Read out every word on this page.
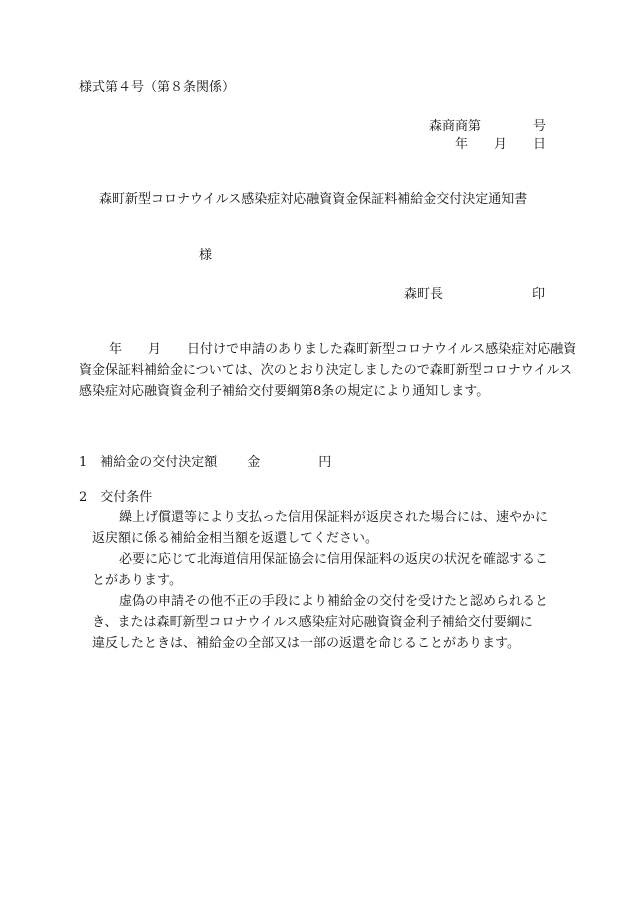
様式第４号（第８条関係）
森商商第　　　　号
年　　月　　日
森町新型コロナウイルス感染症対応融資資金保証料補給金交付決定通知書
様
森町長	印
年　　月　　日付けで申請のありました森町新型コロナウイルス感染症対応融資
資金保証料補給金については、次のとおり決定しましたので森町新型コロナウイルス
感染症対応融資資金利子補給交付要綱第8条の規定により通知します。
1　補給金の交付決定額 金	円
2　交付条件
繰上げ償還等により支払った信用保証料が返戻された場合には、速やかに
返戻額に係る補給金相当額を返還してください。
必要に応じて北海道信用保証協会に信用保証料の返戻の状況を確認するこ
とがあります。
虚偽の申請その他不正の手段により補給金の交付を受けたと認められると
き、または森町新型コロナウイルス感染症対応融資資金利子補給交付要綱に
違反したときは、補給金の全部又は一部の返還を命じることがあります。
